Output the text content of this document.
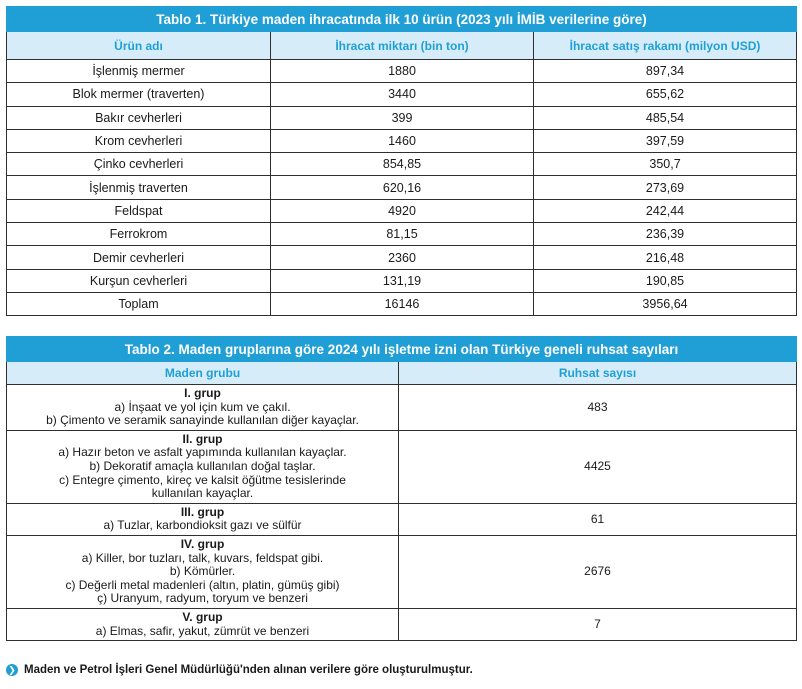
Tablo 1. Türkiye maden ihracatında ilk 10 ürün (2023 yılı İMİB verilerine göre)		
Ürün adı	İhracat miktarı (bin ton)	İhracat satış rakamı (milyon USD)
İşlenmiş mermer	1880	897,34
Blok mermer (traverten)	3440	655,62
Bakır cevherleri	399	485,54
Krom cevherleri	1460	397,59
Çinko cevherleri	854,85	350,7
İşlenmiş traverten	620,16	273,69
Feldspat	4920	242,44
Ferrokrom	81,15	236,39
Demir cevherleri	2360	216,48
Kurşun cevherleri	131,19	190,85
Toplam	16146	3956,64
Tablo 2. Maden gruplarına göre 2024 yılı işletme izni olan Türkiye geneli ruhsat sayıları	
Maden grubu	Ruhsat sayısı

I. grup
a) İnşaat ve yol için kum ve çakıl.
b) Çimento ve seramik sanayinde kullanılan diğer kayaçlar.	483

II. grup
a) Hazır beton ve asfalt yapımında kullanılan kayaçlar.
b) Dekoratif amaçla kullanılan doğal taşlar.
c) Entegre çimento, kireç ve kalsit öğütme tesislerinde
kullanılan kayaçlar.	4425

III. grup
a) Tuzlar, karbondioksit gazı ve sülfür	61

IV. grup
a) Killer, bor tuzları, talk, kuvars, feldspat gibi.
b) Kömürler.
c) Değerli metal madenleri (altın, platin, gümüş gibi)
ç) Uranyum, radyum, toryum ve benzeri	2676

V. grup
a) Elmas, safir, yakut, zümrüt ve benzeri	7
❯ Maden ve Petrol İşleri Genel Müdürlüğü'nden alınan verilere göre oluşturulmuştur.
